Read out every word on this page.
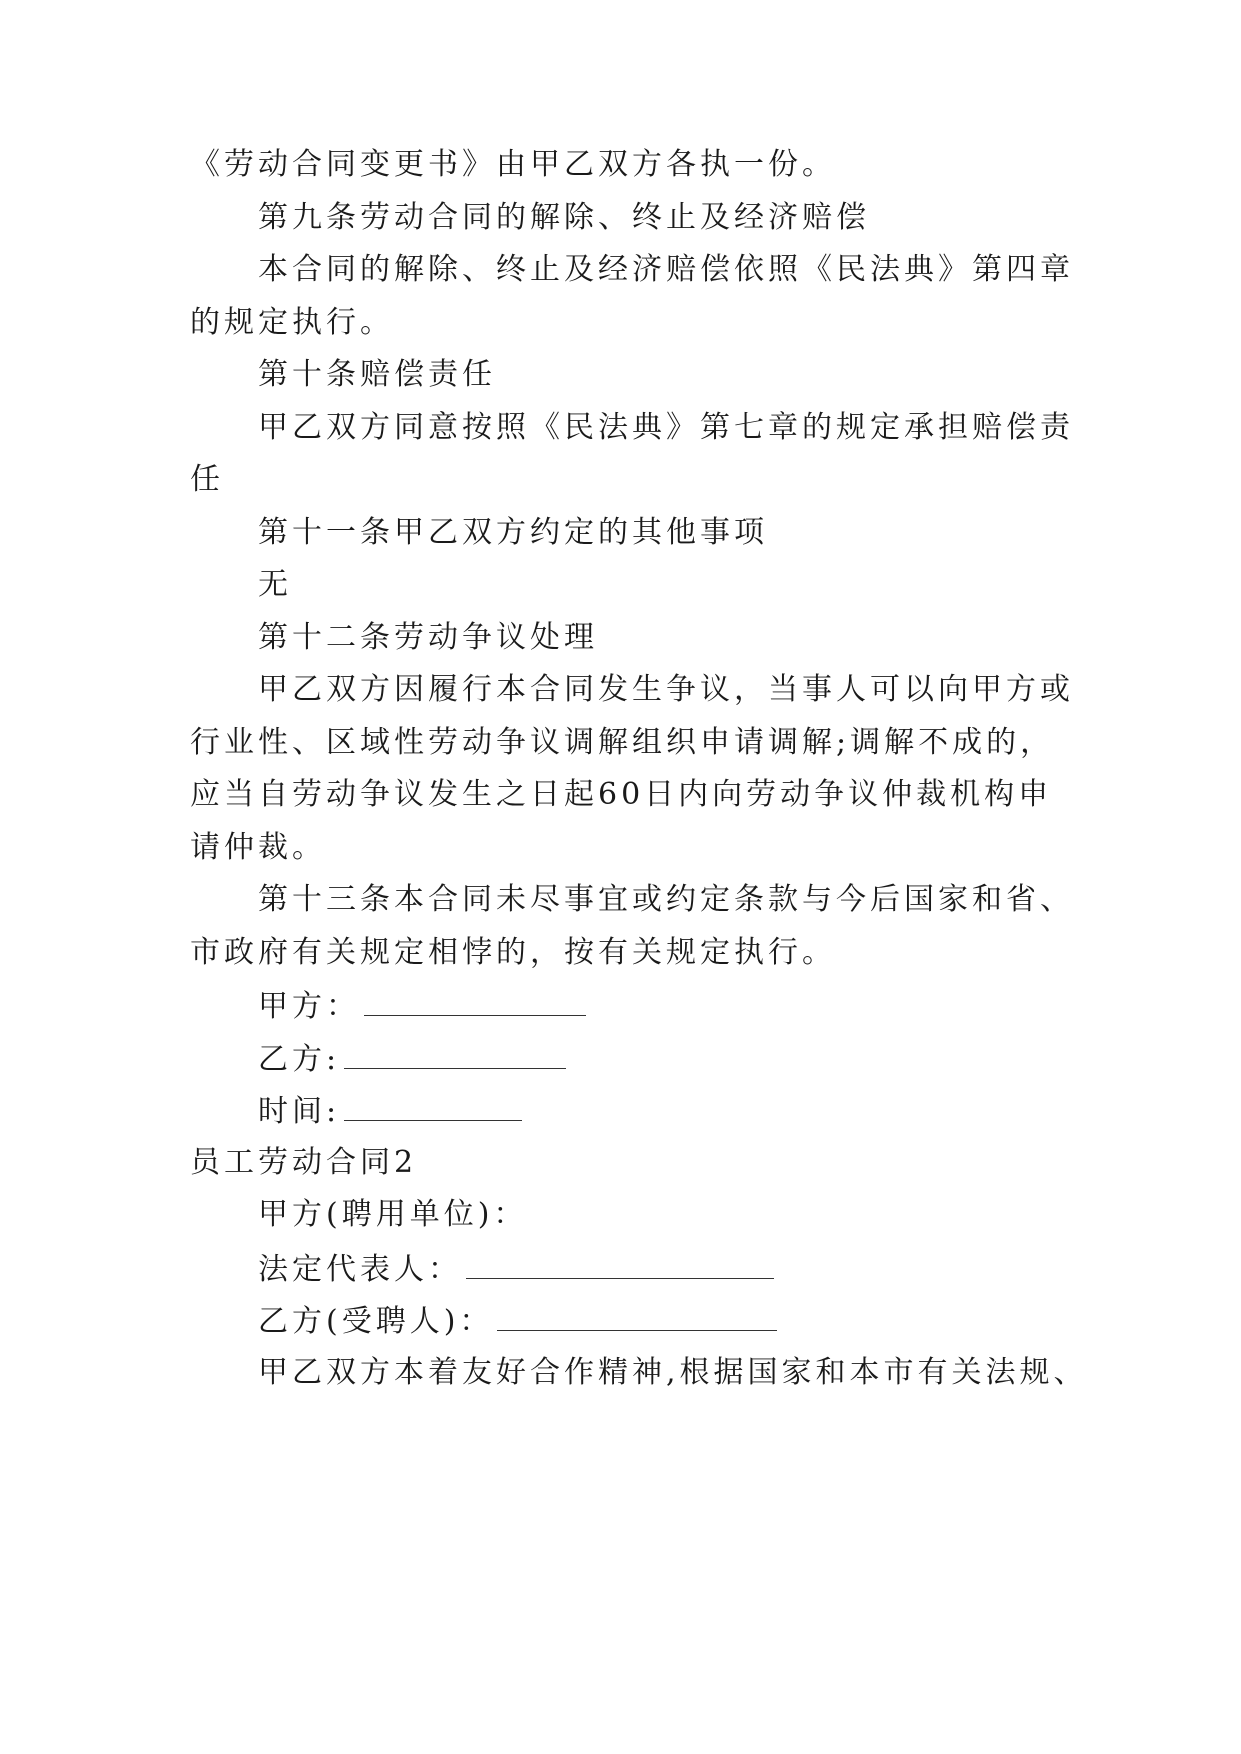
《劳动合同变更书》由甲乙双方各执一份。
第九条劳动合同的解除、终止及经济赔偿
本合同的解除、终止及经济赔偿依照《民法典》第四章
的规定执行。
第十条赔偿责任
甲乙双方同意按照《民法典》第七章的规定承担赔偿责
任
第十一条甲乙双方约定的其他事项
无
第十二条劳动争议处理
甲乙双方因履行本合同发生争议，当事人可以向甲方或
行业性、区域性劳动争议调解组织申请调解;调解不成的，
应当自劳动争议发生之日起60日内向劳动争议仲裁机构申
请仲裁。
第十三条本合同未尽事宜或约定条款与今后国家和省、
市政府有关规定相悖的，按有关规定执行。
甲方：
乙方:
时间:
员工劳动合同2
甲方(聘用单位)：
法定代表人：
乙方(受聘人)：
甲乙双方本着友好合作精神,根据国家和本市有关法规、
